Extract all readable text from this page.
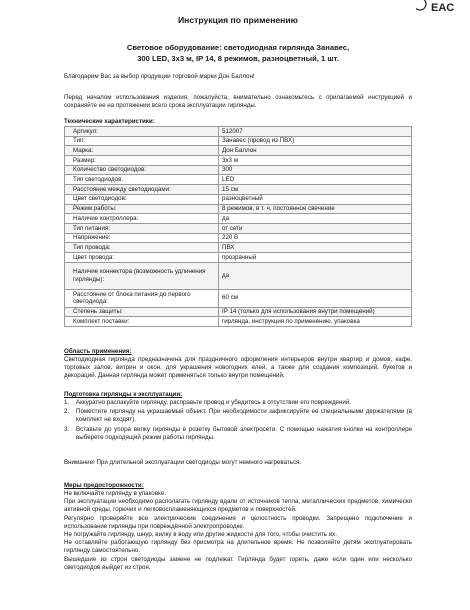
EAC
Инструкция по применению
Световое оборудование: светодиодная гирлянда Занавес,
300 LED, 3х3 м, IP 14, 8 режимов, разноцветный, 1 шт.
Благодарим Вас за выбор продукции торговой марки Дон Баллон!
Перед началом использования изделия, пожалуйста, внимательно ознакомьтесь с прилагаемой инструкцией и сохраняйте ее на протяжении всего срока эксплуатации гирлянды.
Технические характеристики:
Артикул:	512007
Тип:	Занавес (провод из ПВХ)
Марка:	Дон Баллон
Размер:	3х3 м
Количество светодиодов:	300
Тип светодиодов:	LED
Расстояние между светодиодами:	15 см
Цвет светодиодов:	разноцветный
Режим работы:	8 режимов, в т. ч. постоянное свечение
Наличие контроллера:	да
Тип питания:	от сети
Напряжение:	220 В
Тип провода:	ПВХ
Цвет провода:	прозрачный
Наличие коннектора (возможность удлинения гирлянды):	да
Расстояние от блока питания до первого светодиода:	60 см
Степень защиты:	IP 14 (только для использования внутри помещений)
Комплект поставки:	гирлянда, инструкция по применению, упаковка
Область применения:
Светодиодная гирлянда предназначена для праздничного оформления интерьеров внутри квартир и домов, кафе, торговых залов, витрин и окон, для украшения новогодних елей, а также для создания композиций, букетов и декораций. Данная гирлянда может применяться только внутри помещений.
Подготовка гирлянды к эксплуатации:
1. Аккуратно распакуйте гирлянду, расправьте провод и убедитесь в отсутствии его повреждений.
2. Поместите гирлянду на украшаемый объект. При необходимости зафиксируйте ее специальными держателями (в комплект не входят).
3. Вставьте до упора вилку гирлянды в розетку бытовой электросети. С помощью нажатия кнопки на контроллере выберете подходящий режим работы гирлянды.
Внимание! При длительной эксплуатации светодиоды могут немного нагреваться.
Меры предосторожности:
Не включайте гирлянду в упаковке.
При эксплуатации необходимо располагать гирлянду вдали от источников тепла, металлических предметов, химически активной среды, горючих и легковоспламеняющихся предметов и поверхностей.
Регулярно проверяйте все электрические соединения и целостность проводки. Запрещено подключение и использование гирлянды при повреждённой электропроводке.
Не погружайте гирлянду, шнур, вилку в воду или другие жидкости для того, чтобы очистить их.
Не оставляйте работающую гирлянду без присмотра на длительное время. Не позволяйте детям эксплуатировать гирлянду самостоятельно.
Вышедшие из строя светодиоды замене не подлежат. Гирлянда будет гореть, даже если один или несколько светодиодов выйдет из строя.
